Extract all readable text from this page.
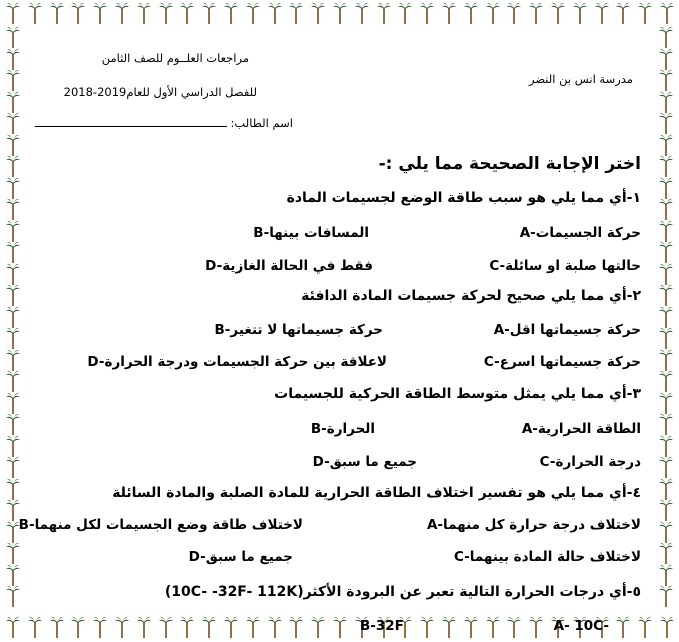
مراجعات العلــوم للصف الثامن
مدرسة انس بن النضر
للفصل الدراسي الأول للعام2019-2018
اسم الطالب: ـــــــــــــــــــــــــــــــــــــــــــــــــــــــــ
اختر الإجابة الصحيحة مما يلي :-
١-أي مما يلي هو سبب طاقة الوضع لجسيمات المادة
A-حركة الجسيمات
B-المسافات بينها
C-حالتها صلبة او سائلة
D-فقط في الحالة الغازية
٢-أي مما يلي صحيح لحركة جسيمات المادة الدافئة
A-حركة جسيماتها اقل
B-حركة جسيماتها لا تتغير
C-حركة جسيماتها اسرع
D-لاعلاقة بين حركة الجسيمات ودرجة الحرارة
٣-أي مما يلي يمثل متوسط الطاقة الحركية للجسيمات
A-الطاقة الحرارية
B-الحرارة
C-درجة الحرارة
D-جميع ما سبق
٤-أي مما يلي هو تفسير اختلاف الطاقة الحرارية للمادة الصلبة والمادة السائلة
A-لاختلاف درجة حرارة كل منهما
B-لاختلاف طاقة وضع الجسيمات لكل منهما
C-لاختلاف حالة المادة بينهما
D-جميع ما سبق
٥-أي درجات الحرارة التالية تعبر عن البرودة الأكثر(10C- -32F- 112K)
A- 10C-
B-32F
